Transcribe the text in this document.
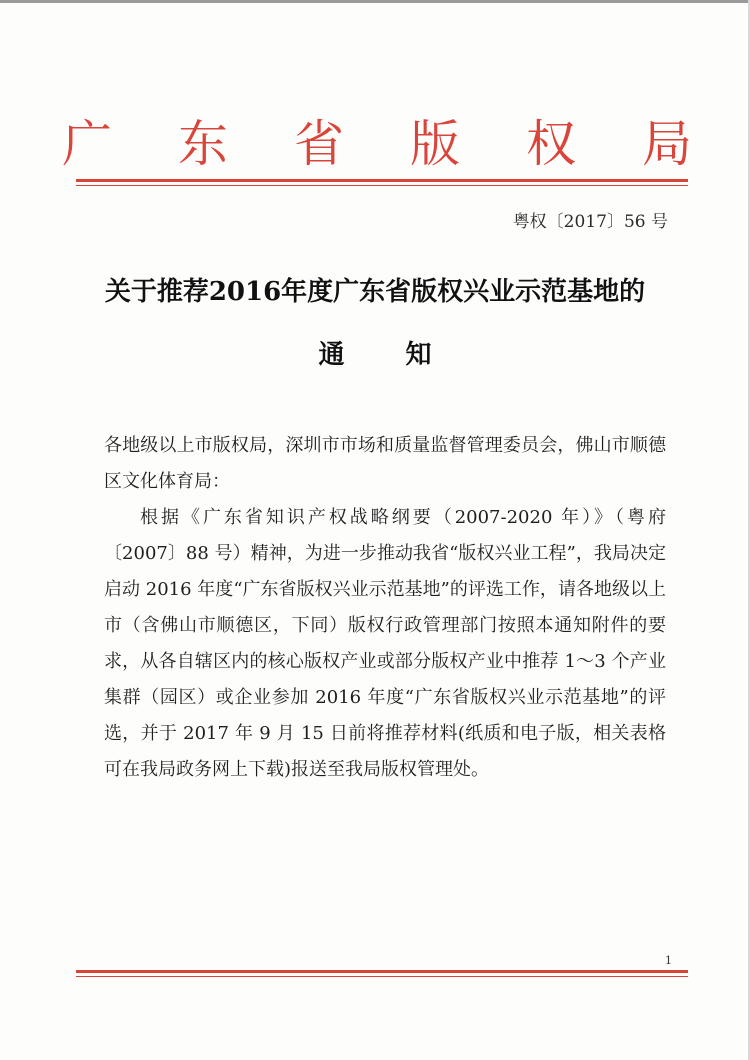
广 东 省 版 权 局
粤权〔2017〕56 号
关于推荐2016年度广东省版权兴业示范基地的
通 知
各地级以上市版权局，深圳市市场和质量监督管理委员会，佛山市顺德区文化体育局：
根据《广东省知识产权战略纲要（2007-2020 年）》（粤府〔2007〕88 号）精神，为进一步推动我省“版权兴业工程”，我局决定启动 2016 年度“广东省版权兴业示范基地”的评选工作，请各地级以上市（含佛山市顺德区，下同）版权行政管理部门按照本通知附件的要求，从各自辖区内的核心版权产业或部分版权产业中推荐 1～3 个产业集群（园区）或企业参加 2016 年度“广东省版权兴业示范基地”的评选，并于 2017 年 9 月 15 日前将推荐材料(纸质和电子版，相关表格可在我局政务网上下载)报送至我局版权管理处。
1
